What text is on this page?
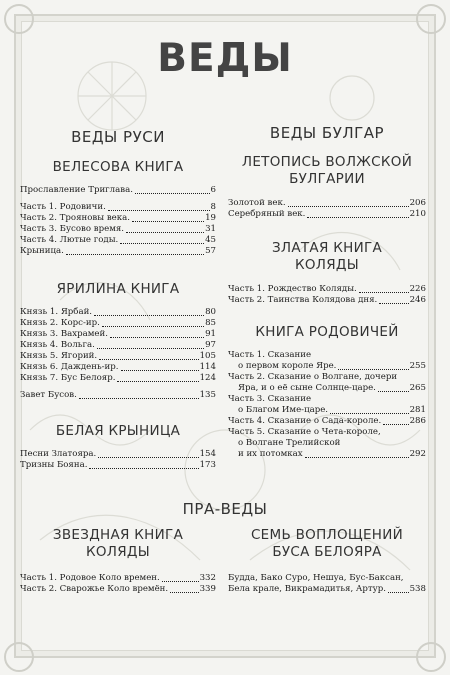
ВЕДЫ
ВЕДЫ РУСИ
ВЕЛЕСОВА КНИГА
Прославление Триглава.	6
Часть 1. Родовичи.	8
Часть 2. Трояновы века.	19
Часть 3. Бусово время.	31
Часть 4. Лютые годы.	45
Крыница.	57
ЯРИЛИНА КНИГА
Князь 1. Ярбай.	80
Князь 2. Корс-ир.	85
Князь 3. Вахрамей.	91
Князь 4. Вольга.	97
Князь 5. Ягорий.	105
Князь 6. Даждень-ир.	114
Князь 7. Бус Белояр.	124
Завет Бусов.	135
БЕЛАЯ КРЫНИЦА
Песни Златояра.	154
Тризны Бояна.	173
ВЕДЫ БУЛГАР
ЛЕТОПИСЬ ВОЛЖСКОЙ
БУЛГАРИИ
Золотой век.	206
Серебряный век.	210
ЗЛАТАЯ КНИГА
КОЛЯДЫ
Часть 1. Рождество Коляды.	226
Часть 2. Таинства Колядова дня.	246
КНИГА РОДОВИЧЕЙ
Часть 1. Сказание
о первом короле Яре.	255
Часть 2. Сказание о Волгане, дочери
Яра, и о её сыне Солнце-царе.	265
Часть 3. Сказание
о Благом Име-царе.	281
Часть 4. Сказание о Сада-короле.	286
Часть 5. Сказание о Чета-короле,
о Волгане Трелийской
и их потомках	292
ПРА-ВЕДЫ
ЗВЕЗДНАЯ КНИГА
КОЛЯДЫ
Часть 1. Родовое Коло времен.	332
Часть 2. Сварожье Коло времён.	339
СЕМЬ ВОПЛОЩЕНИЙ
БУСА БЕЛОЯРА
Будда, Бако Суро, Нешуа, Бус-Баксан,
Бела крале, Викрамадитья, Артур.	538
